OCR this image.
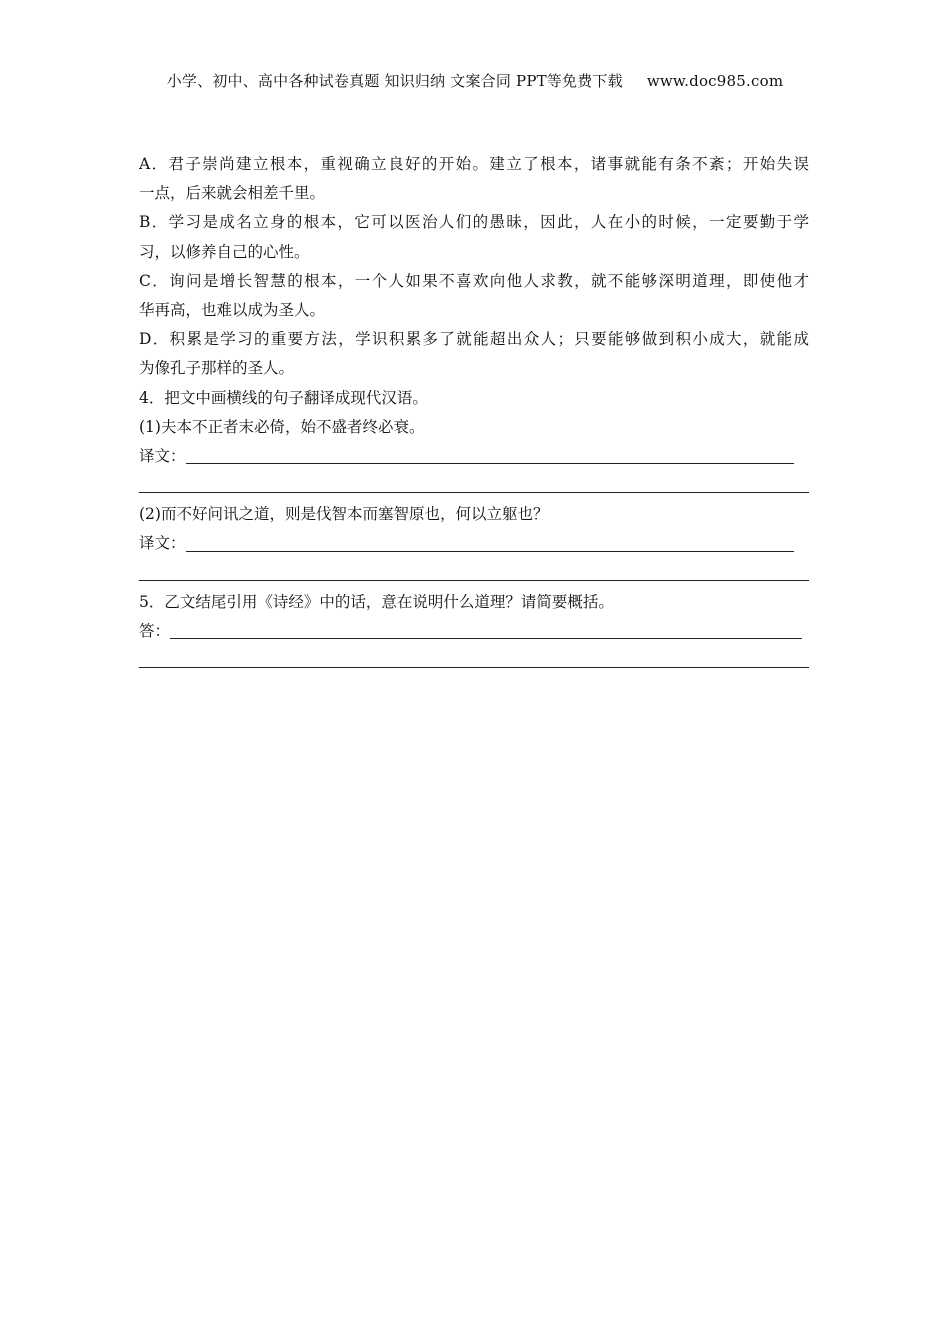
小学、初中、高中各种试卷真题 知识归纳 文案合同 PPT等免费下载 www.doc985.com
A．君子崇尚建立根本，重视确立良好的开始。建立了根本，诸事就能有条不紊；开始失误
一点，后来就会相差千里。
B．学习是成名立身的根本，它可以医治人们的愚昧，因此，人在小的时候，一定要勤于学
习，以修养自己的心性。
C．询问是增长智慧的根本，一个人如果不喜欢向他人求教，就不能够深明道理，即使他才
华再高，也难以成为圣人。
D．积累是学习的重要方法，学识积累多了就能超出众人；只要能够做到积小成大，就能成
为像孔子那样的圣人。
4．把文中画横线的句子翻译成现代汉语。
(1)夫本不正者末必倚，始不盛者终必衰。
译文：
(2)而不好问讯之道，则是伐智本而塞智原也，何以立躯也？
译文：
5．乙文结尾引用《诗经》中的话，意在说明什么道理？请简要概括。
答：
